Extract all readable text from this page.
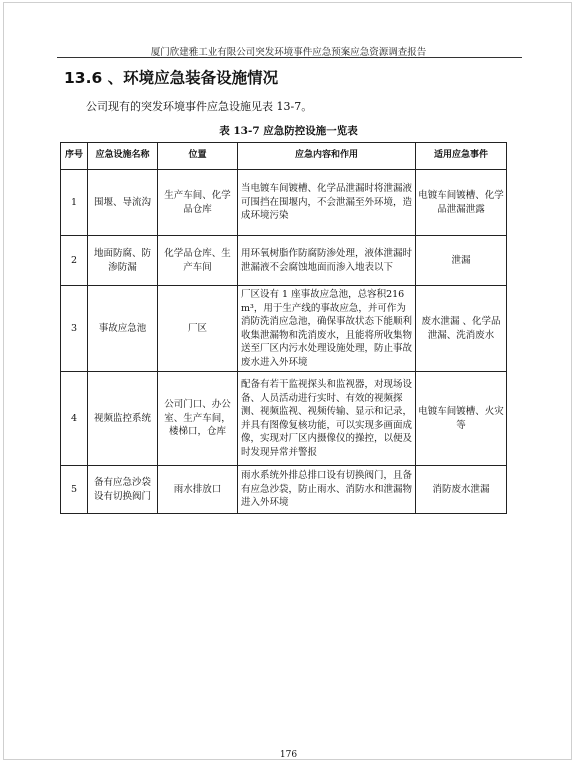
厦门欣建雅工业有限公司突发环境事件应急预案应急资源调查报告
13.6 、环境应急装备设施情况
公司现有的突发环境事件应急设施见表 13-7。
表 13-7 应急防控设施一览表
序号	应急设施名称	位置	应急内容和作用	适用应急事件
1	围堰、导流沟	生产车间、化学品仓库	当电镀车间镀槽、化学品泄漏时将泄漏液可围挡在围堰内，不会泄漏至外环境，造成环境污染	电镀车间镀槽、化学品泄漏泄露
2	地面防腐、防渗防漏	化学品仓库、生产车间	用环氧树脂作防腐防渗处理，液体泄漏时泄漏液不会腐蚀地面而渗入地表以下	泄漏
3	事故应急池	厂区	厂区设有 1 座事故应急池，总容积216m³，用于生产线的事故应急，并可作为消防洗消应急池，确保事故状态下能顺利收集泄漏物和洗消废水，且能将所收集物送至厂区内污水处理设施处理，防止事故废水进入外环境	废水泄漏 、化学品泄漏、洗消废水
4	视频监控系统	公司门口、办公室、生产车间，楼梯口，仓库	配备有若干监视探头和监视器，对现场设备、人员活动进行实时、有效的视频探测、视频监视、视频传输、显示和记录，并具有图像复核功能，可以实现多画面成像，实现对厂区内摄像仪的操控，以便及时发现异常并警报	电镀车间镀槽、火灾等
5	备有应急沙袋设有切换阀门	雨水排放口	雨水系统外排总排口设有切换阀门，且备有应急沙袋，防止雨水、消防水和泄漏物进入外环境	消防废水泄漏
176
